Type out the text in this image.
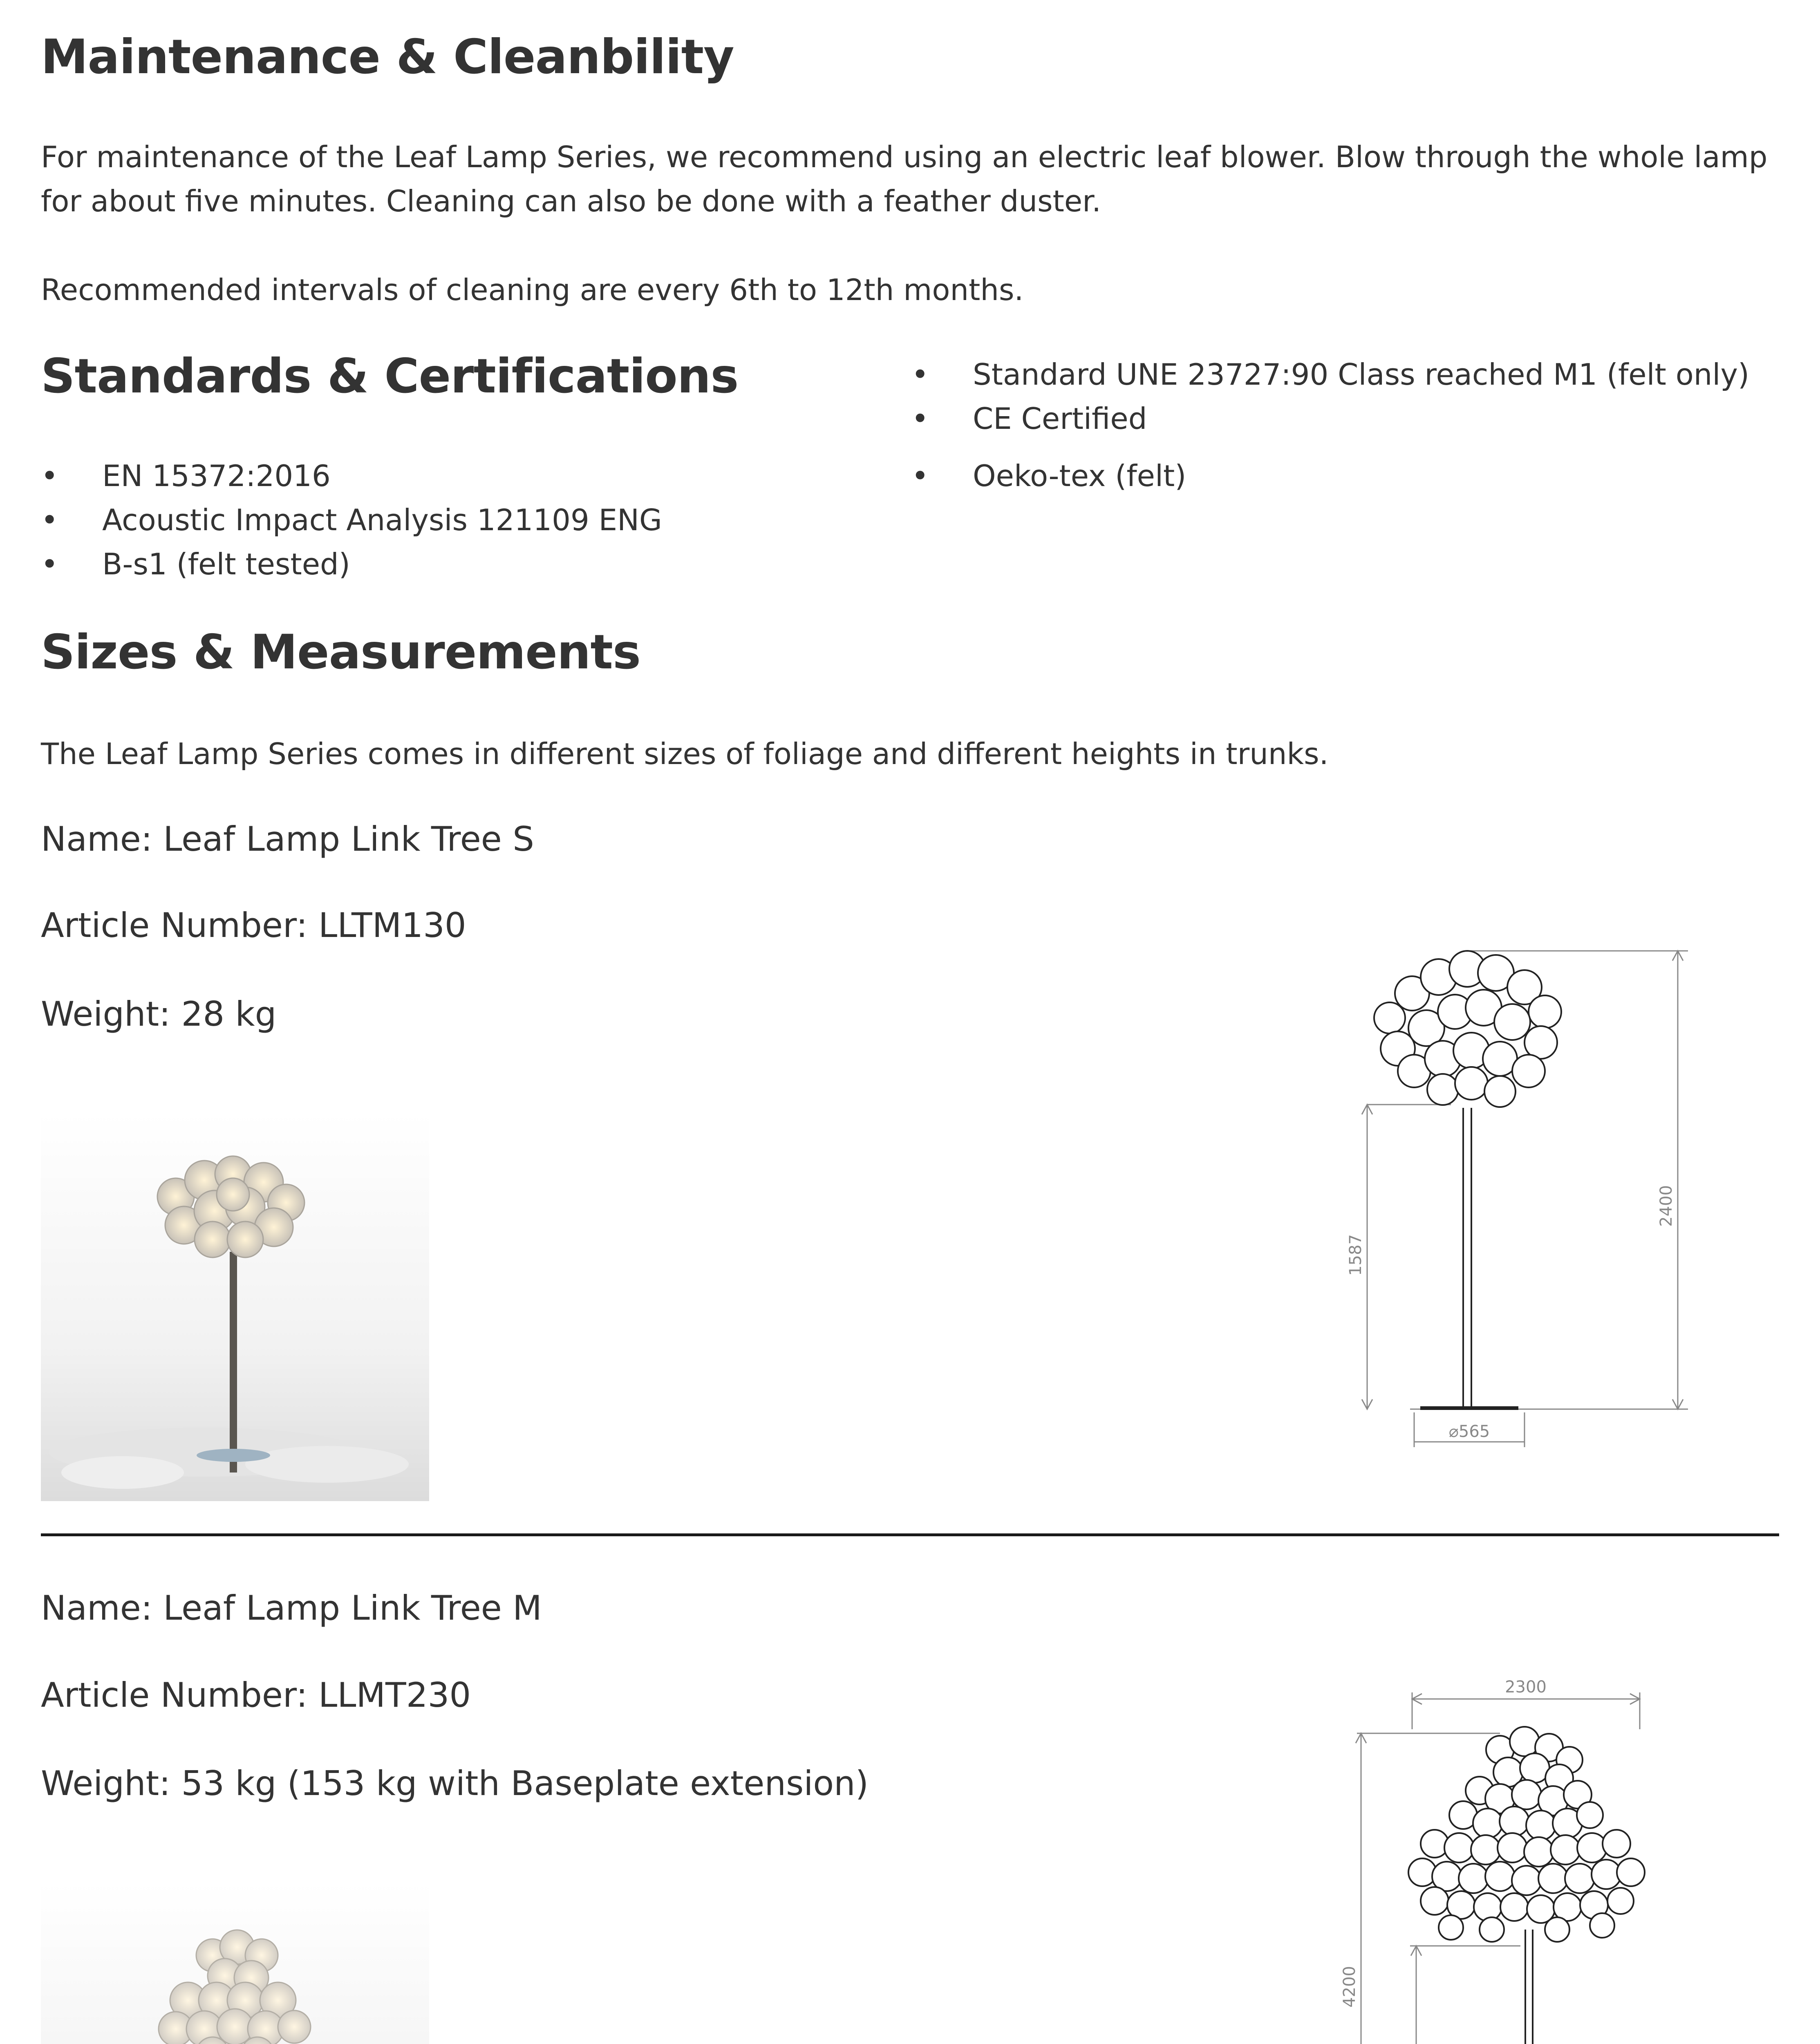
Maintenance & Cleanbility

For maintenance of the Leaf Lamp Series, we recommend using an electric leaf blower. Blow through the whole lamp

for about five minutes. Cleaning can also be done with a feather duster.

Recommended intervals of cleaning are every 6th to 12th months.

Standards & Certifications
• EN 15372:2016
• Acoustic Impact Analysis 121109 ENG
• B-s1 (felt tested)
• Standard UNE 23727:90 Class reached M1 (felt only)
• CE Certified
• Oeko-tex (felt)
Sizes & Measurements

The Leaf Lamp Series comes in different sizes of foliage and different heights in trunks.

Name: Leaf Lamp Link Tree S

Article Number: LLTM130

Weight: 28 kg

2400
1587
⌀565

Name: Leaf Lamp Link Tree M

Article Number: LLMT230

Weight: 53 kg (153 kg with Baseplate extension)

2300
4200
